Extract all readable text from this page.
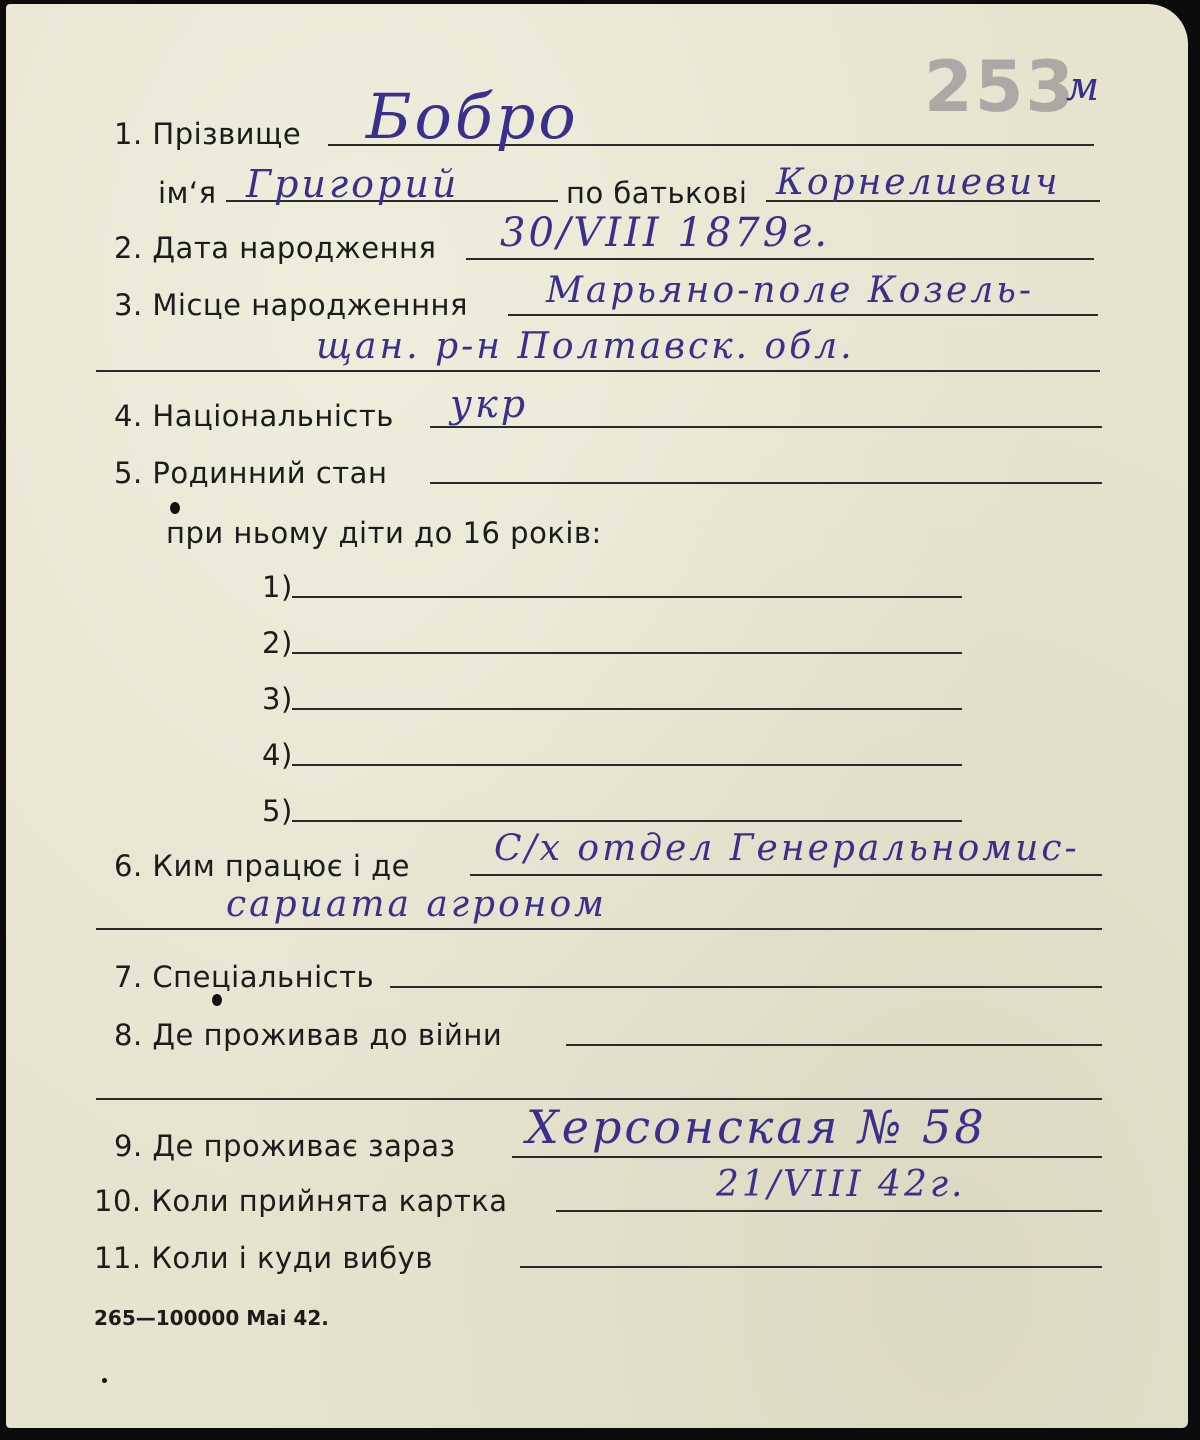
253
м
1. Прізвище Бобро
ім‘я Григорий	по батькові Корнелиевич
2. Дата народження 30/VIII 1879г.
3. Місце народженння Марьяно-поле Козель-
щан. р-н Полтавск. обл.
4. Національність укр
5. Родинний стан
при ньому діти до 16 років:
1)
2)
3)
4)
5)
6. Ким працює і де С/х отдел Генеральномис-
сариата агроном
7. Спеціальність
8. Де проживав до війни
9. Де проживає зараз Херсонская № 58
10. Коли прийнята картка	21/VIII 42г.
11. Коли і куди вибув
265—100000 Mai 42.
